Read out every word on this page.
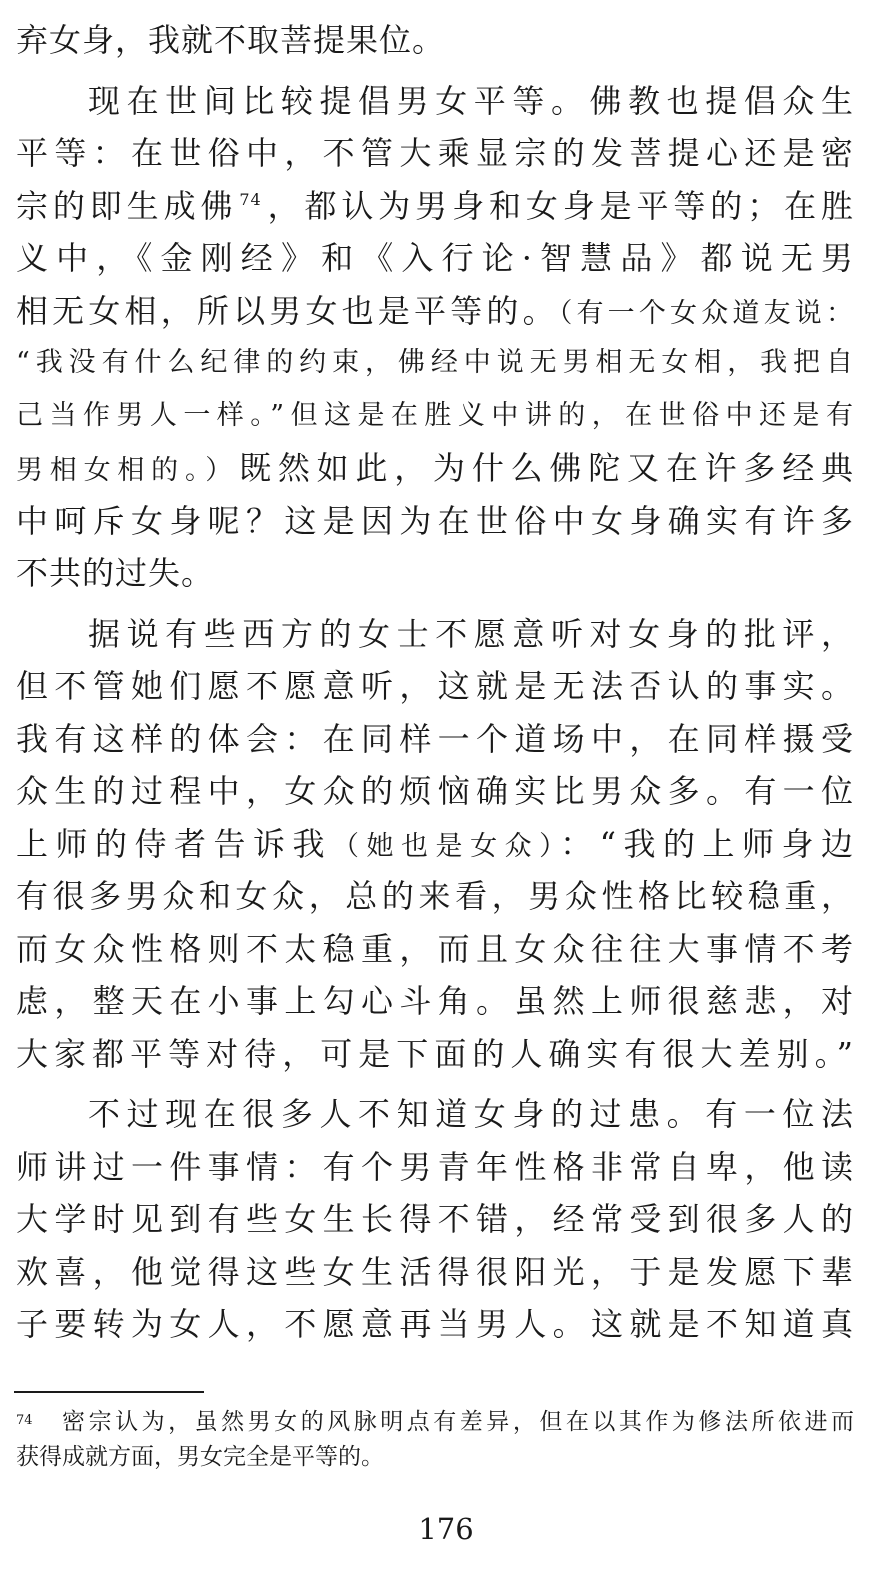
弃女身，我就不取菩提果位。
现在世间比较提倡男女平等。佛教也提倡众生
平等：在世俗中，不管大乘显宗的发菩提心还是密
宗的即生成佛 $^{74}$，都认为男身和女身是平等的；在胜
义中，《金刚经》和《入行论·智慧品》都说无男
相无女相，所以男女也是平等的。（有一个女众道友说：
“我没有什么纪律的约束，佛经中说无男相无女相，我把自
己当作男人一样。”但这是在胜义中讲的，在世俗中还是有
男相女相的。）既然如此，为什么佛陀又在许多经典
中呵斥女身呢？这是因为在世俗中女身确实有许多
不共的过失。
据说有些西方的女士不愿意听对女身的批评，
但不管她们愿不愿意听，这就是无法否认的事实。
我有这样的体会：在同样一个道场中，在同样摄受
众生的过程中，女众的烦恼确实比男众多。有一位
上师的侍者告诉我（她也是女众）：“我的上师身边
有很多男众和女众，总的来看，男众性格比较稳重，
而女众性格则不太稳重，而且女众往往大事情不考
虑，整天在小事上勾心斗角。虽然上师很慈悲，对
大家都平等对待，可是下面的人确实有很大差别。”
不过现在很多人不知道女身的过患。有一位法
师讲过一件事情：有个男青年性格非常自卑，他读
大学时见到有些女生长得不错，经常受到很多人的
欢喜，他觉得这些女生活得很阳光，于是发愿下辈
子要转为女人，不愿意再当男人。这就是不知道真
$^{74}$ 密宗认为，虽然男女的风脉明点有差异，但在以其作为修法所依进而
获得成就方面，男女完全是平等的。
176
